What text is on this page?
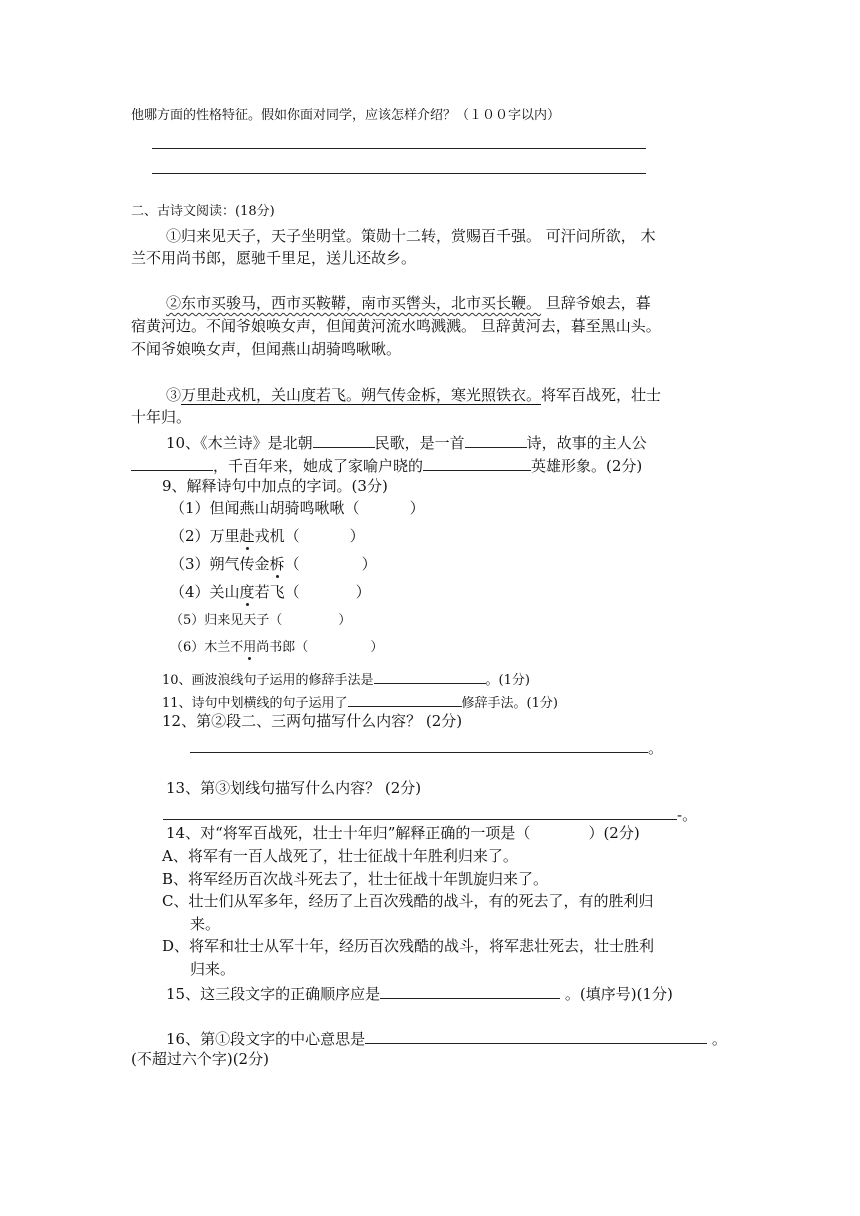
他哪方面的性格特征。假如你面对同学，应该怎样介绍？（１００字以内）
二、古诗文阅读：(18分)
①归来见天子，天子坐明堂。策勋十二转，赏赐百千强。 可汗问所欲， 木
兰不用尚书郎，愿驰千里足，送儿还故乡。
②东市买骏马，西市买鞍鞯，南市买辔头，北市买长鞭。 旦辞爷娘去，暮
宿黄河边。不闻爷娘唤女声，但闻黄河流水鸣溅溅。 旦辞黄河去，暮至黑山头。
不闻爷娘唤女声，但闻燕山胡骑鸣啾啾。
③万里赴戎机，关山度若飞。朔气传金柝，寒光照铁衣。将军百战死，壮士
十年归。
10、《木兰诗》是北朝	民歌，是一首	诗，故事的主人公
，千百年来，她成了家喻户晓的	英雄形象。(2分)
9、解释诗句中加点的字词。(3分)
（1）但闻燕山胡骑鸣啾啾（	）
（2）万里赴戎机（	）
（3）朔气传金柝（	）
（4）关山度若飞（	）
（5）归来见天子（	）
（6）木兰不用尚书郎（	）
10、画波浪线句子运用的修辞手法是	。(1分)
11、诗句中划横线的句子运用了	修辞手法。(1分)
12、第②段二、三两句描写什么内容？ (2分)
。
13、第③划线句描写什么内容？ (2分)
-。
14、对“将军百战死，壮士十年归”解释正确的一项是（	）(2分)
A、将军有一百人战死了，壮士征战十年胜利归来了。
B、将军经历百次战斗死去了，壮士征战十年凯旋归来了。
C、壮士们从军多年，经历了上百次残酷的战斗，有的死去了，有的胜利归
来。
D、将军和壮士从军十年，经历百次残酷的战斗，将军悲壮死去，壮士胜利
归来。
15、这三段文字的正确顺序应是	。(填序号)(1分)
16、第①段文字的中心意思是	。
(不超过六个字)(2分)
